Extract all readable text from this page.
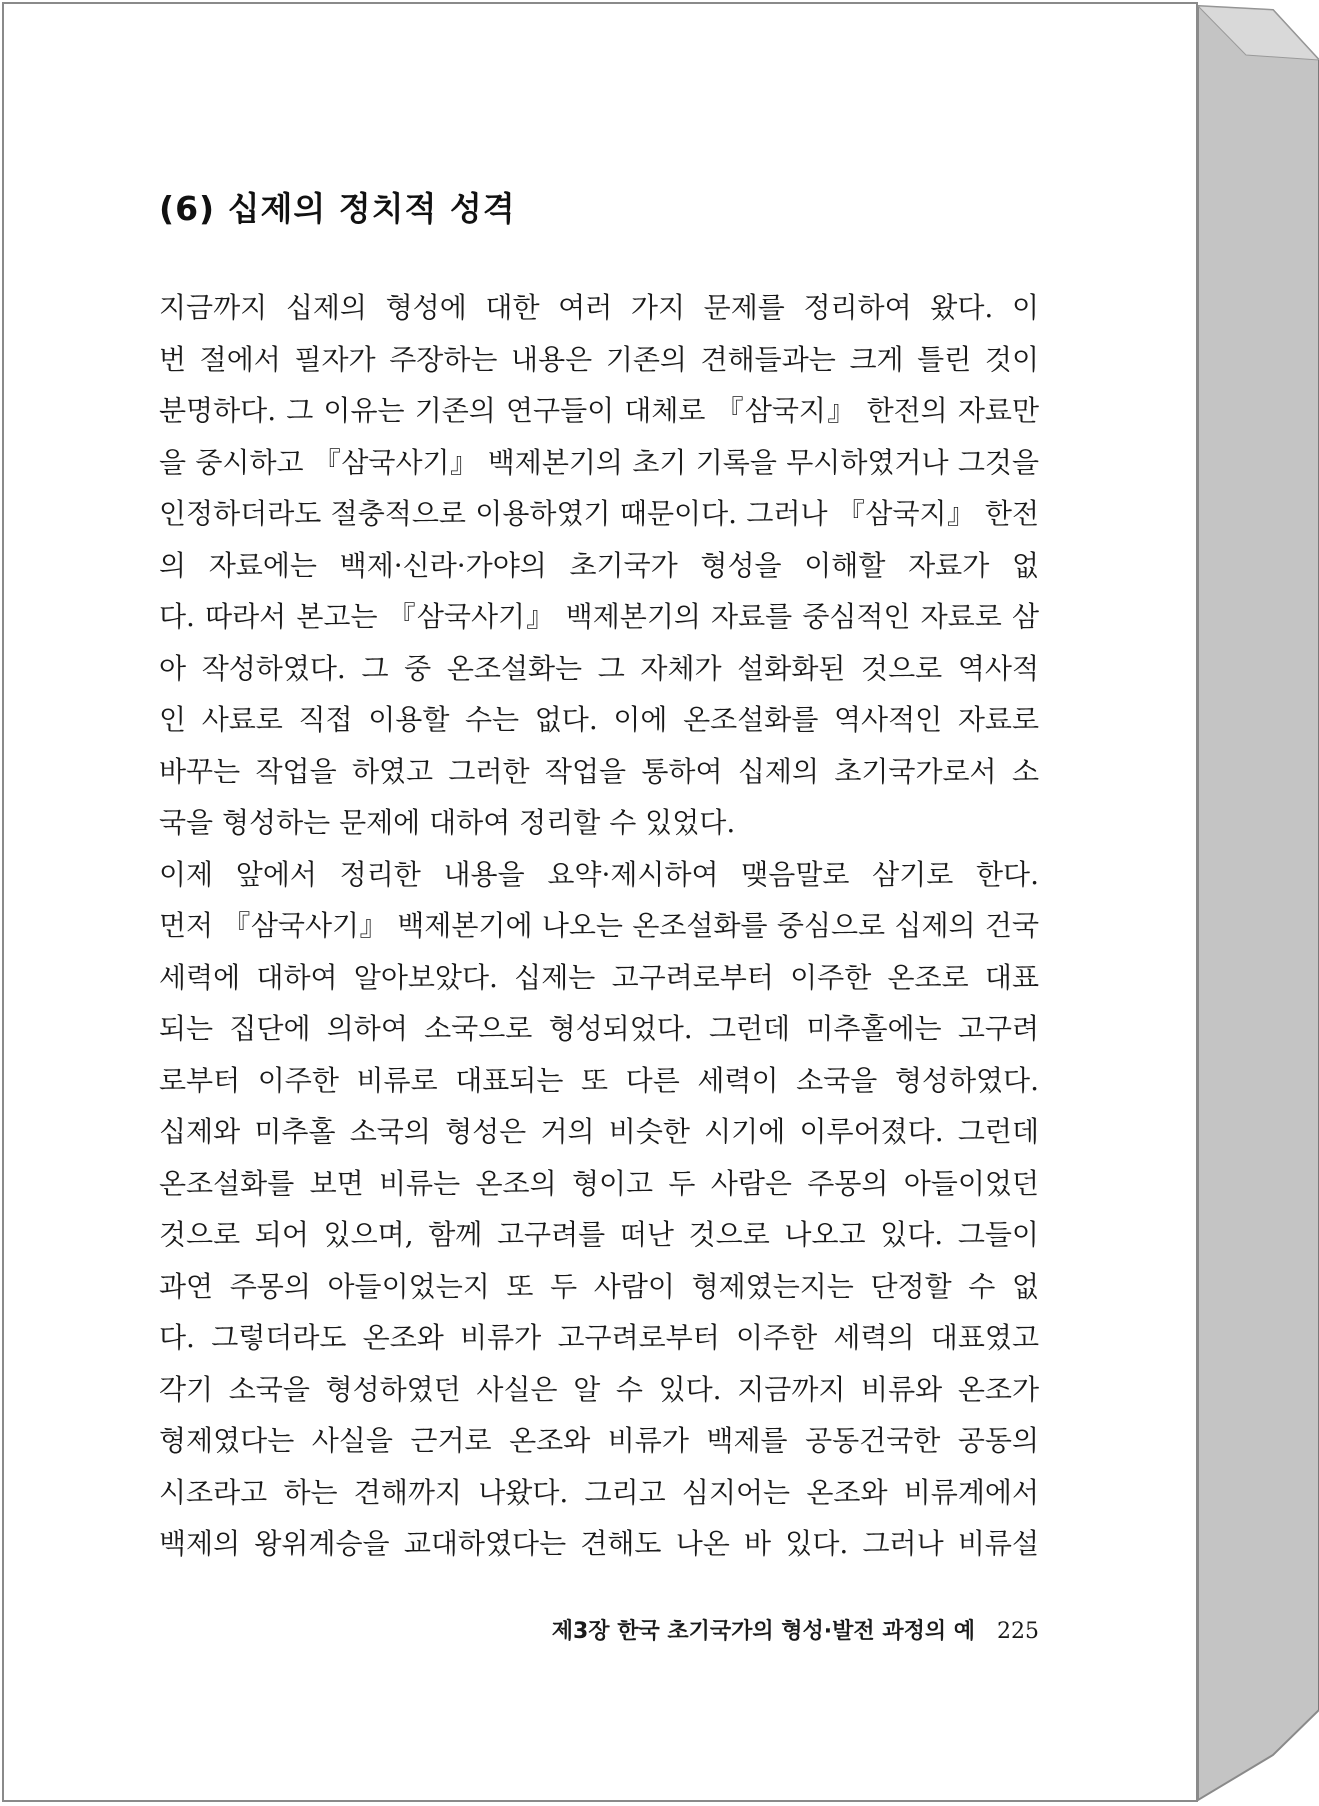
(6) 십제의 정치적 성격
지금까지 십제의 형성에 대한 여러 가지 문제를 정리하여 왔다. 이
번 절에서 필자가 주장하는 내용은 기존의 견해들과는 크게 틀린 것이
분명하다. 그 이유는 기존의 연구들이 대체로 『삼국지』 한전의 자료만
을 중시하고 『삼국사기』 백제본기의 초기 기록을 무시하였거나 그것을
인정하더라도 절충적으로 이용하였기 때문이다. 그러나 『삼국지』 한전
의 자료에는 백제·신라·가야의 초기국가 형성을 이해할 자료가 없
다. 따라서 본고는 『삼국사기』 백제본기의 자료를 중심적인 자료로 삼
아 작성하였다. 그 중 온조설화는 그 자체가 설화화된 것으로 역사적
인 사료로 직접 이용할 수는 없다. 이에 온조설화를 역사적인 자료로
바꾸는 작업을 하였고 그러한 작업을 통하여 십제의 초기국가로서 소
국을 형성하는 문제에 대하여 정리할 수 있었다.
이제 앞에서 정리한 내용을 요약·제시하여 맺음말로 삼기로 한다.
먼저 『삼국사기』 백제본기에 나오는 온조설화를 중심으로 십제의 건국
세력에 대하여 알아보았다. 십제는 고구려로부터 이주한 온조로 대표
되는 집단에 의하여 소국으로 형성되었다. 그런데 미추홀에는 고구려
로부터 이주한 비류로 대표되는 또 다른 세력이 소국을 형성하였다.
십제와 미추홀 소국의 형성은 거의 비슷한 시기에 이루어졌다. 그런데
온조설화를 보면 비류는 온조의 형이고 두 사람은 주몽의 아들이었던
것으로 되어 있으며, 함께 고구려를 떠난 것으로 나오고 있다. 그들이
과연 주몽의 아들이었는지 또 두 사람이 형제였는지는 단정할 수 없
다. 그렇더라도 온조와 비류가 고구려로부터 이주한 세력의 대표였고
각기 소국을 형성하였던 사실은 알 수 있다. 지금까지 비류와 온조가
형제였다는 사실을 근거로 온조와 비류가 백제를 공동건국한 공동의
시조라고 하는 견해까지 나왔다. 그리고 심지어는 온조와 비류계에서
백제의 왕위계승을 교대하였다는 견해도 나온 바 있다. 그러나 비류설
제3장 한국 초기국가의 형성·발전 과정의 예 225
